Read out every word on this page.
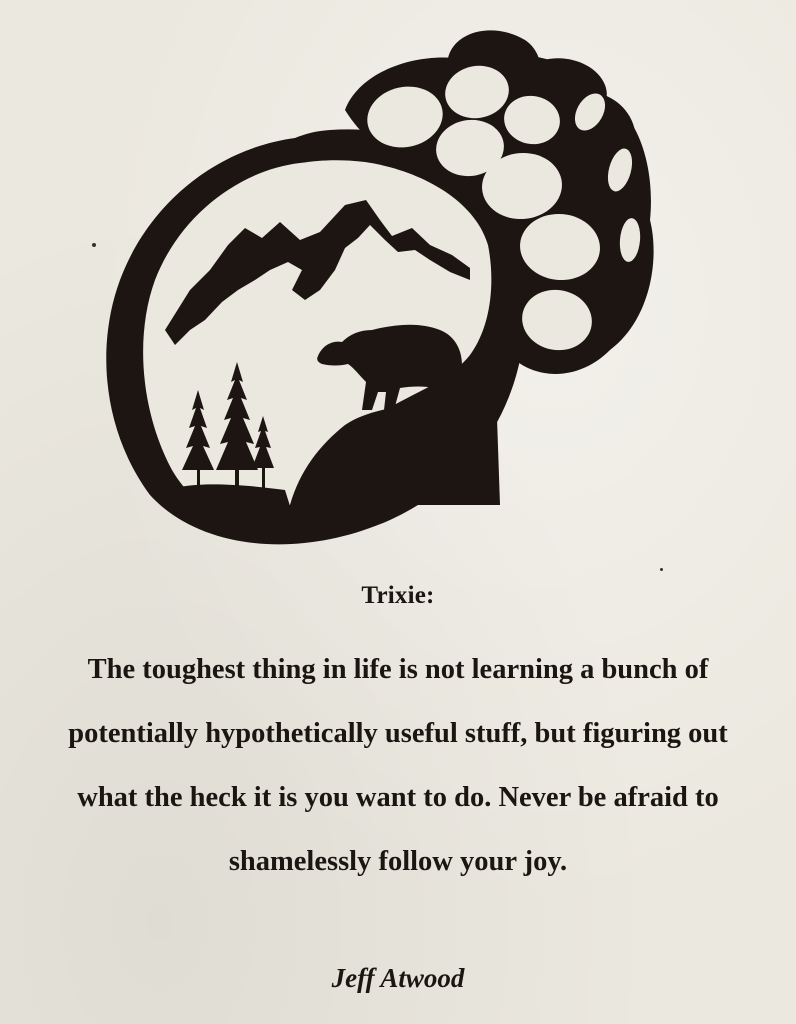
Trixie:

The toughest thing in life is not learning a bunch of
potentially hypothetically useful stuff, but figuring out
what the heck it is you want to do. Never be afraid to
shamelessly follow your joy.

Jeff Atwood
